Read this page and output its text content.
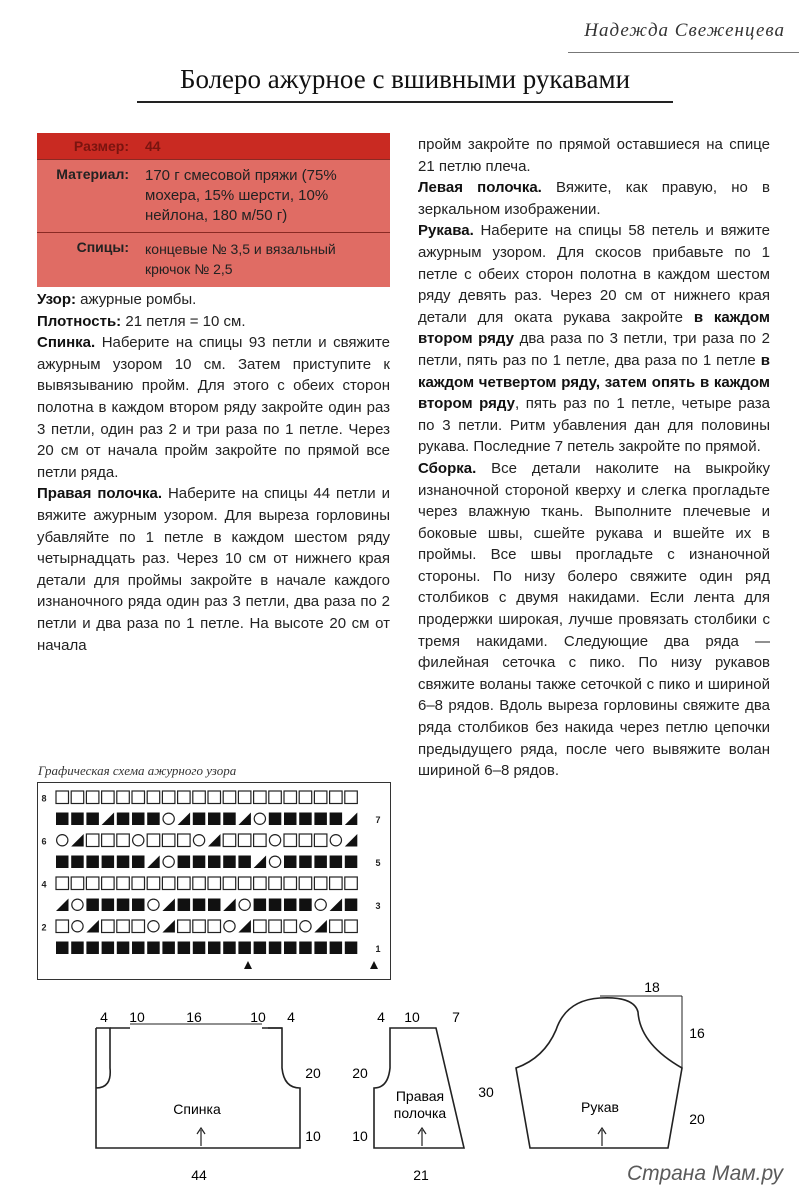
Надежда Свеженцева
Болеро ажурное с вшивными рукавами
Размер:	44
Материал:	170 г смесовой пряжи (75% мохера, 15% шерсти, 10% нейлона, 180 м/50 г)
Спицы:	концевые № 3,5 и вязальный крючок № 2,5

Узор: ажурные ромбы.

Плотность: 21 петля = 10 см.

Спинка. Наберите на спицы 93 петли и свяжите ажурным узором 10 см. Затем приступите к вывязыванию пройм. Для этого с обеих сторон полотна в каждом втором ряду закройте один раз 3 петли, один раз 2 и три раза по 1 петле. Через 20 см от начала пройм закройте по прямой все петли ряда.

Правая полочка. Наберите на спицы 44 петли и вяжите ажурным узором. Для выреза горловины убавляйте по 1 петле в каждом шестом ряду четырнадцать раз. Через 10 см от нижнего края детали для проймы закройте в начале каждого изнаночного ряда один раз 3 петли, два раза по 2 петли и два раза по 1 петле. На высоте 20 см от начала

пройм закройте по прямой оставшиеся на спице 21 петлю плеча.

Левая полочка. Вяжите, как правую, но в зеркальном изображении.

Рукава. Наберите на спицы 58 петель и вяжите ажурным узором. Для скосов прибавьте по 1 петле с обеих сторон полотна в каждом шестом ряду девять раз. Через 20 см от нижнего края детали для оката рукава закройте в каждом втором ряду два раза по 3 петли, три раза по 2 петли, пять раз по 1 петле, два раза по 1 петле в каждом четвертом ряду, затем опять в каждом втором ряду, пять раз по 1 петле, четыре раза по 3 петли. Ритм убавления дан для половины рукава. Последние 7 петель закройте по прямой.

Сборка. Все детали наколите на выкройку изнаночной стороной кверху и слегка прогладьте через влажную ткань. Выполните плечевые и боковые швы, сшейте рукава и вшейте их в проймы. Все швы прогладьте с изнаночной стороны. По низу болеро свяжите один ряд столбиков с двумя накидами. Если лента для продержки широкая, лучше провязать столбики с тремя накидами. Следующие два ряда — филейная сеточка с пико. По низу рукавов свяжите воланы также сеточкой с пико и шириной 6–8 рядов. Вдоль выреза горловины свяжите два ряда столбиков без накида через петлю цепочки предыдущего ряда, после чего вывяжите волан шириной 6–8 рядов.

Графическая схема ажурного узора
8
7
6
5
4
3
2
1
4 10	16	10 4
20
10
Спинка
44
4 10 7
20
10
30
Правая
полочка
21
18
16
20
Рукав
Страна Мам.ру
